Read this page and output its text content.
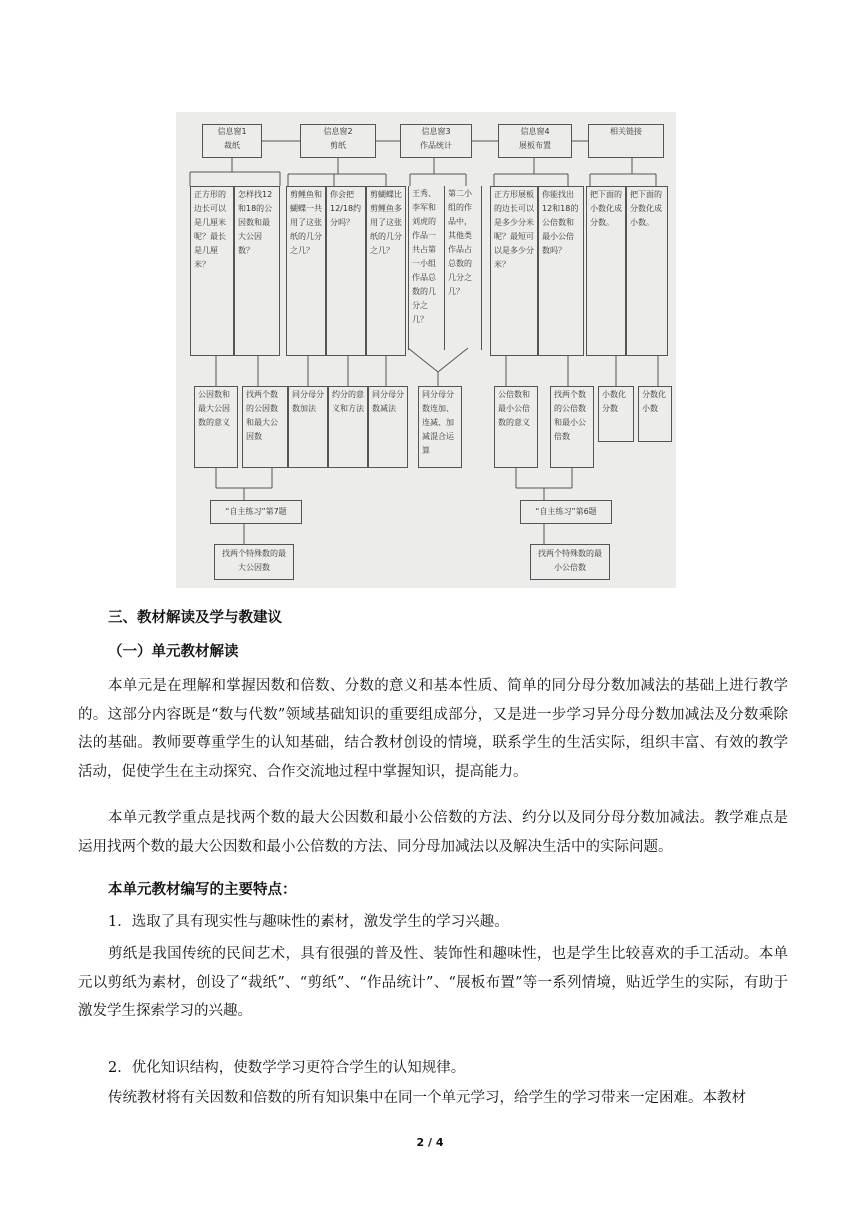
信息窗1
裁纸
信息窗2
剪纸
信息窗3
作品统计
信息窗4
展板布置
相关链接
正方形的边长可以是几厘米呢？最长是几厘米？
怎样找12和18的公因数和最大公因数？
剪鲤鱼和蝴蝶一共用了这张纸的几分之几？
你会把12/18约分吗？
剪蝴蝶比剪鲤鱼多用了这张纸的几分之几？
王秀、李军和刘虎的作品一共占第一小组作品总数的几分之几？
第二小组的作品中，其他类作品占总数的几分之几？
正方形展板的边长可以是多少分米呢？最短可以是多少分米？
你能找出12和18的公倍数和最小公倍数吗？
把下面的小数化成分数。
把下面的分数化成小数。
公因数和最大公因数的意义
找两个数的公因数和最大公因数
同分母分数加法
约分的意义和方法
同分母分数减法
同分母分数连加、连减、加减混合运算
公倍数和最小公倍数的意义
找两个数的公倍数和最小公倍数
小数化分数
分数化小数
“自主练习”第7题	“自主练习”第6题
找两个特殊数的最大公因数
找两个特殊数的最小公倍数
三、教材解读及学与教建议
（一）单元教材解读
本单元是在理解和掌握因数和倍数、分数的意义和基本性质、简单的同分母分数加减法的基础上进行教学的。这部分内容既是“数与代数”领域基础知识的重要组成部分，又是进一步学习异分母分数加减法及分数乘除法的基础。教师要尊重学生的认知基础，结合教材创设的情境，联系学生的生活实际，组织丰富、有效的教学活动，促使学生在主动探究、合作交流地过程中掌握知识，提高能力。
本单元教学重点是找两个数的最大公因数和最小公倍数的方法、约分以及同分母分数加减法。教学难点是运用找两个数的最大公因数和最小公倍数的方法、同分母加减法以及解决生活中的实际问题。
本单元教材编写的主要特点：
1．选取了具有现实性与趣味性的素材，激发学生的学习兴趣。
剪纸是我国传统的民间艺术，具有很强的普及性、装饰性和趣味性，也是学生比较喜欢的手工活动。本单元以剪纸为素材，创设了“裁纸”、“剪纸”、“作品统计”、“展板布置”等一系列情境，贴近学生的实际，有助于激发学生探索学习的兴趣。
2．优化知识结构，使数学学习更符合学生的认知规律。
传统教材将有关因数和倍数的所有知识集中在同一个单元学习，给学生的学习带来一定困难。本教材
2 / 4
